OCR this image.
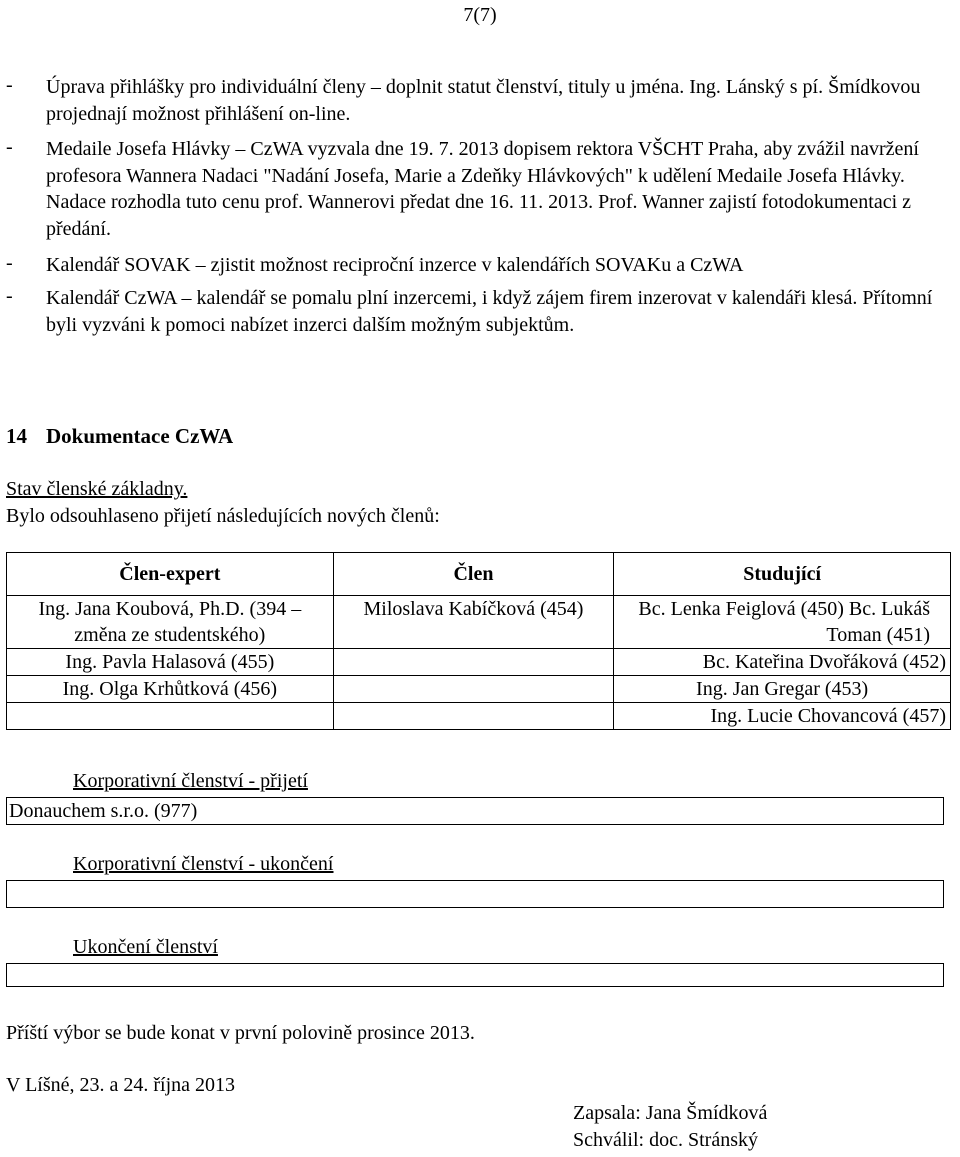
7(7)
- Úprava přihlášky pro individuální členy – doplnit statut členství, tituly u jména. Ing. Lánský s pí. Šmídkovou projednají možnost přihlášení on-line.
- Medaile Josefa Hlávky – CzWA vyzvala dne 19. 7. 2013 dopisem rektora VŠCHT Praha, aby zvážil navržení profesora Wannera Nadaci "Nadání Josefa, Marie a Zdeňky Hlávkových" k udělení Medaile Josefa Hlávky. Nadace rozhodla tuto cenu prof. Wannerovi předat dne 16. 11. 2013. Prof. Wanner zajistí fotodokumentaci z předání.
- Kalendář SOVAK – zjistit možnost reciproční inzerce v kalendářích SOVAKu a CzWA
- Kalendář CzWA – kalendář se pomalu plní inzercemi, i když zájem firem inzerovat v kalendáři klesá. Přítomní byli vyzváni k pomoci nabízet inzerci dalším možným subjektům.
14 Dokumentace CzWA
Stav členské základny.
Bylo odsouhlaseno přijetí následujících nových členů:
Člen-expert	Člen	Studující
Ing. Jana Koubová, Ph.D. (394 – změna ze studentského)	Miloslava Kabíčková (454)	Bc. Lenka Feiglová (450) Bc. Lukáš Toman (451)
Ing. Pavla Halasová (455)		Bc. Kateřina Dvořáková (452)
Ing. Olga Krhůtková (456)		Ing. Jan Gregar (453)
		Ing. Lucie Chovancová (457)
Korporativní členství - přijetí
Donauchem s.r.o. (977)
Korporativní členství - ukončení
Ukončení členství
Příští výbor se bude konat v první polovině prosince 2013.
V Líšné, 23. a 24. října 2013
Zapsala: Jana Šmídková
Schválil: doc. Stránský
